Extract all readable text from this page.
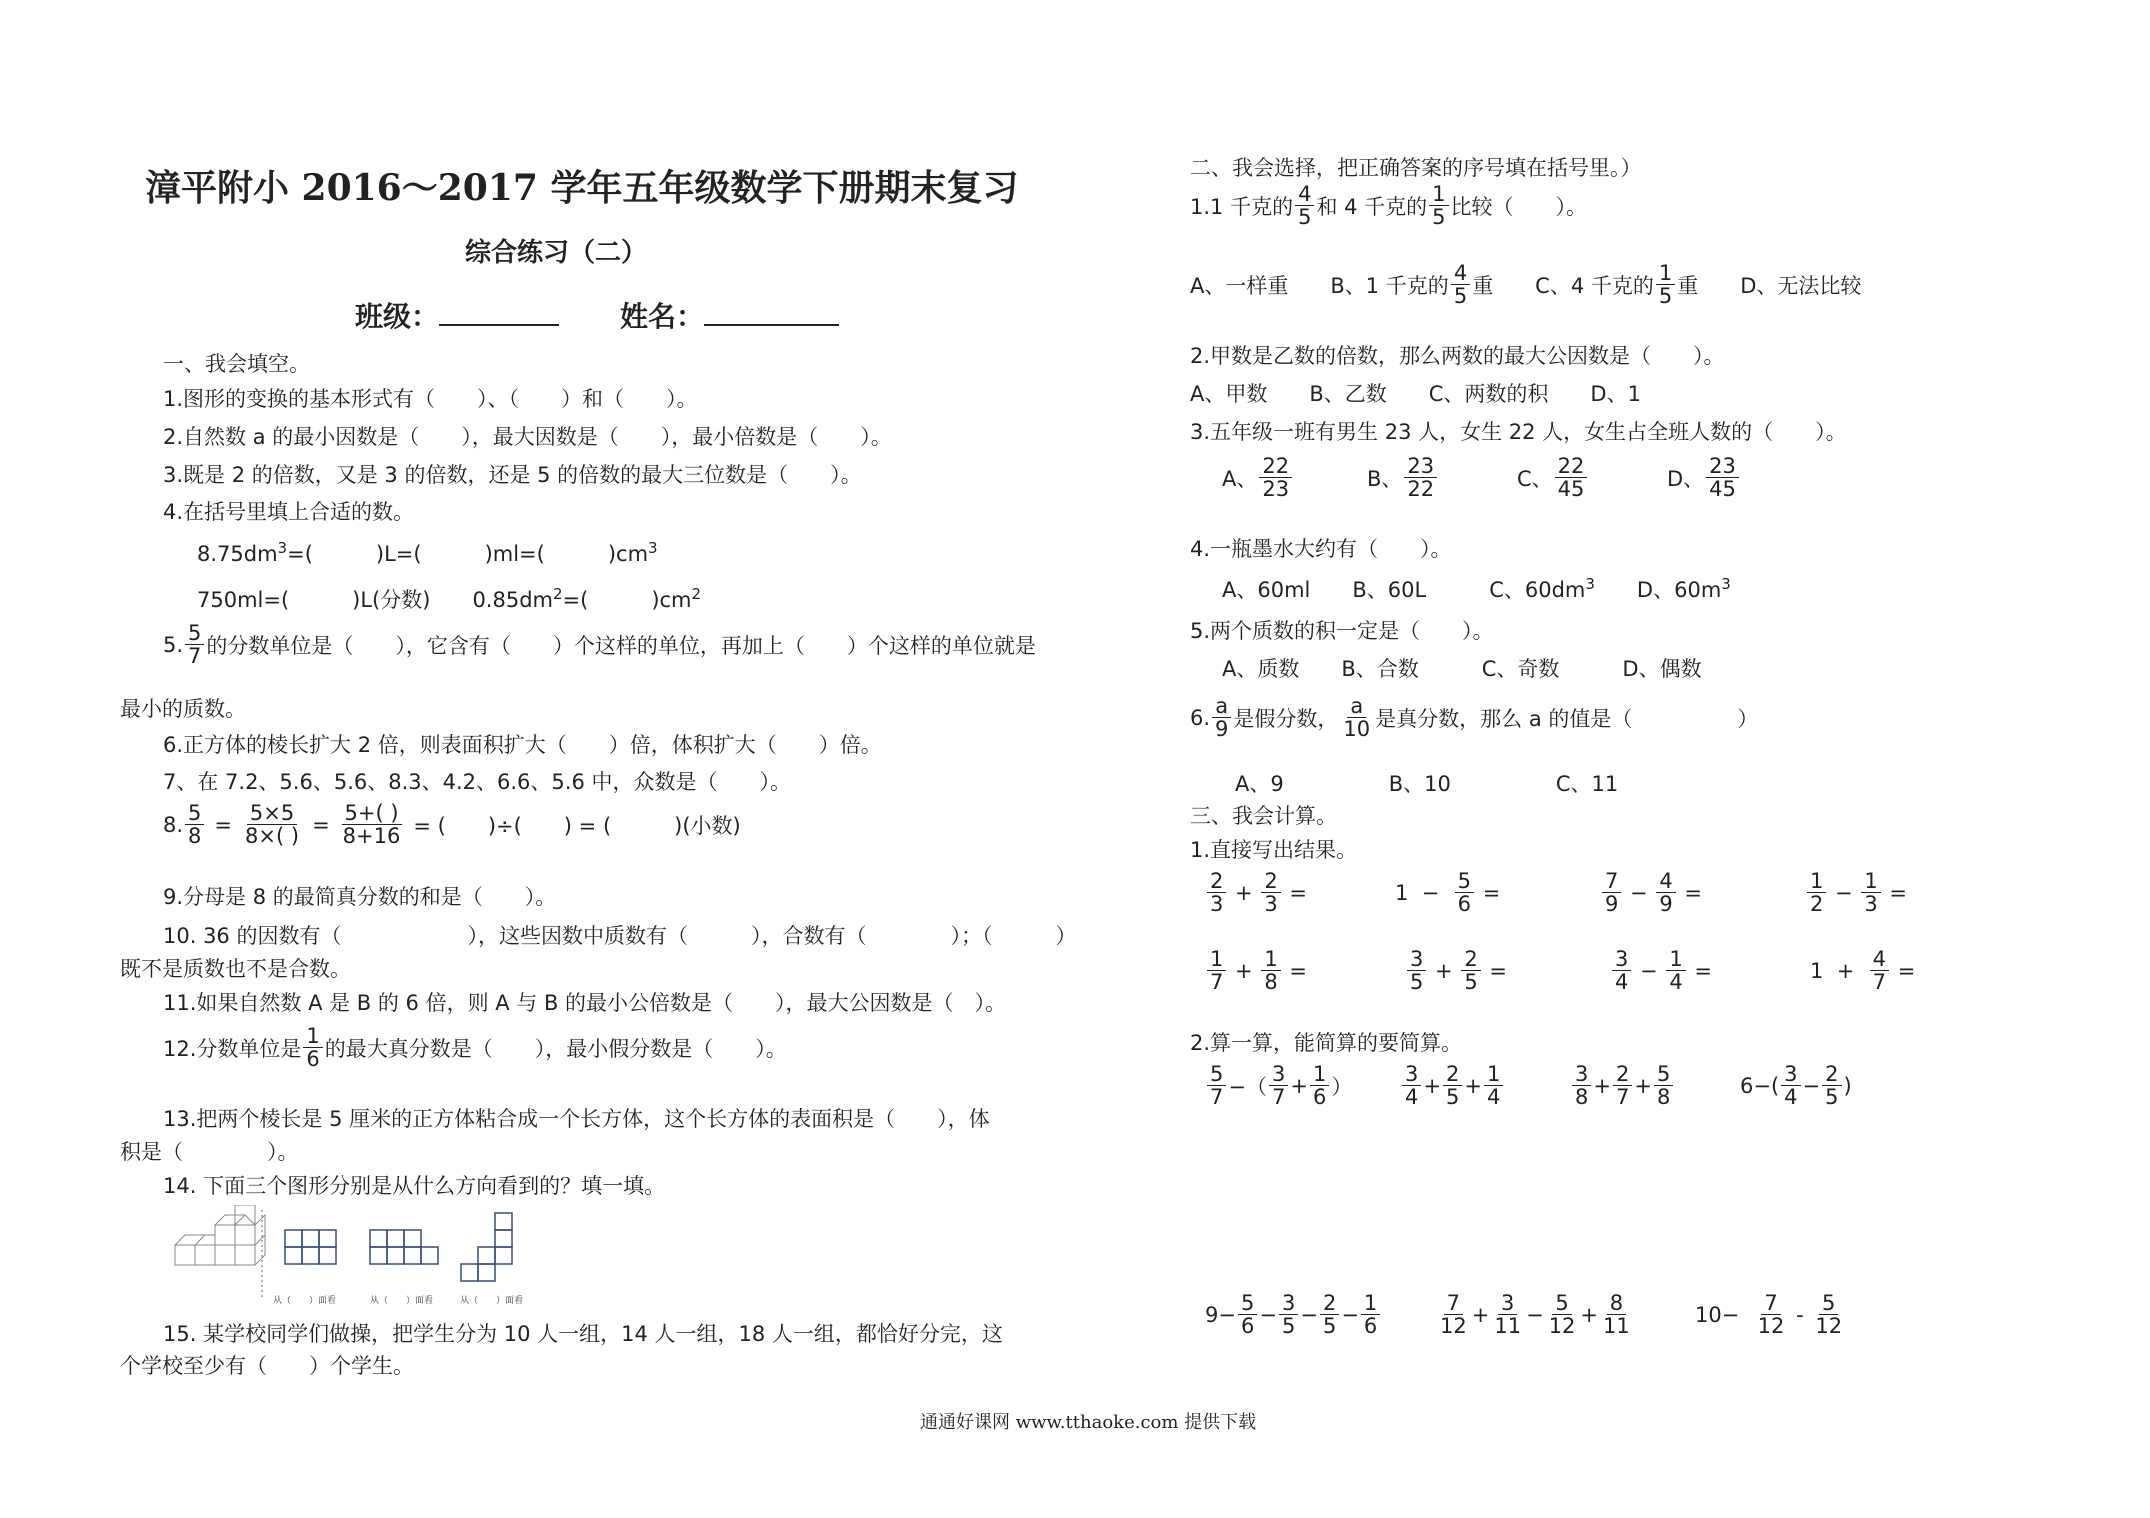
漳平附小 2016～2017 学年五年级数学下册期末复习
综合练习（二）
班级：	姓名：
一、我会填空。
1.图形的变换的基本形式有（　　）、（　　）和（　　）。
2.自然数 a 的最小因数是（　　），最大因数是（　　），最小倍数是（　　）。
3.既是 2 的倍数，又是 3 的倍数，还是 5 的倍数的最大三位数是（　　）。
4.在括号里填上合适的数。
$8.75dm^3=$(　　　)L=(　　　)ml=(　　　)$cm^3$
750ml=(　　　)L(分数)　　$0.85dm^2=$(　　　)$cm^2$
5. $\frac{5}{7}$ 的分数单位是（　　），它含有（　　）个这样的单位，再加上（　　）个这样的单位就是
最小的质数。
6.正方体的棱长扩大 2 倍，则表面积扩大（　　）倍，体积扩大（　　）倍。
7、在 7.2、5.6、5.6、8.3、4.2、6.6、5.6 中，众数是（　　）。
8. $\frac{5}{8} = \frac{5\times 5}{8\times( )} = \frac{5+( )}{8+16}$ = (　　)÷(　　) = (　　　)(小数)
9.分母是 8 的最简真分数的和是（　　）。
10. 36 的因数有（　　　　　　），这些因数中质数有（　　　），合数有（　　　　）；（　　　）
既不是质数也不是合数。
11.如果自然数 A 是 B 的 6 倍，则 A 与 B 的最小公倍数是（　　），最大公因数是（　）。
12.分数单位是 $\frac{1}{6}$ 的最大真分数是（　　），最小假分数是（　　）。
13.把两个棱长是 5 厘米的正方体粘合成一个长方体，这个长方体的表面积是（　　），体
积是（　　　　）。
14. 下面三个图形分别是从什么方向看到的？填一填。
从（　　）面看	从（　　）面看	从（　　）面看
15. 某学校同学们做操，把学生分为 10 人一组，14 人一组，18 人一组，都恰好分完，这
个学校至少有（　　）个学生。
二、我会选择，把正确答案的序号填在括号里。）
1.1 千克的 $\frac{4}{5}$ 和 4 千克的 $\frac{1}{5}$ 比较（　　）。
A、一样重　　B、1 千克的 $\frac{4}{5}$ 重　　C、4 千克的 $\frac{1}{5}$ 重　　D、无法比较
2.甲数是乙数的倍数，那么两数的最大公因数是（　　）。
A、甲数　　B、乙数　　C、两数的积　　D、1
3.五年级一班有男生 23 人，女生 22 人，女生占全班人数的（　　）。
A、 $\frac{22}{23}$	B、 $\frac{23}{22}$	C、 $\frac{22}{45}$	D、 $\frac{23}{45}$
4.一瓶墨水大约有（　　）。
A、60ml　　B、60L　　　C、$60dm^3$　　D、$60m^3$
5.两个质数的积一定是（　　）。
A、质数　　B、合数　　　C、奇数　　　D、偶数
6. $\frac{a}{9}$ 是假分数， $\frac{a}{10}$ 是真分数，那么 a 的值是（　　　　　）
A、9　　　　　B、10　　　　　C、11
三、我会计算。
1.直接写出结果。
$\frac{2}{3} + \frac{2}{3}$ =	$1 - \frac{5}{6}$ =	$\frac{7}{9} - \frac{4}{9}$ =	$\frac{1}{2} - \frac{1}{3}$ =
$\frac{1}{7} + \frac{1}{8}$ =	$\frac{3}{5} + \frac{2}{5}$ =	$\frac{3}{4} - \frac{1}{4}$ =	$1 + \frac{4}{7}$ =
2.算一算，能简算的要简算。
$\frac{5}{7}$ −（ $\frac{3}{7} + \frac{1}{6}$ ） $\frac{3}{4} + \frac{2}{5} + \frac{1}{4}$	$\frac{3}{8} + \frac{2}{7} + \frac{5}{8}$	$6-( \frac{3}{4} - \frac{2}{5}$ )
$9- \frac{5}{6} - \frac{3}{5} - \frac{2}{5} - \frac{1}{6}$	$\frac{7}{12} + \frac{3}{11} - \frac{5}{12} + \frac{8}{11}$	$10- \frac{7}{12} - \frac{5}{12}$
通通好课网 www.tthaoke.com 提供下载
